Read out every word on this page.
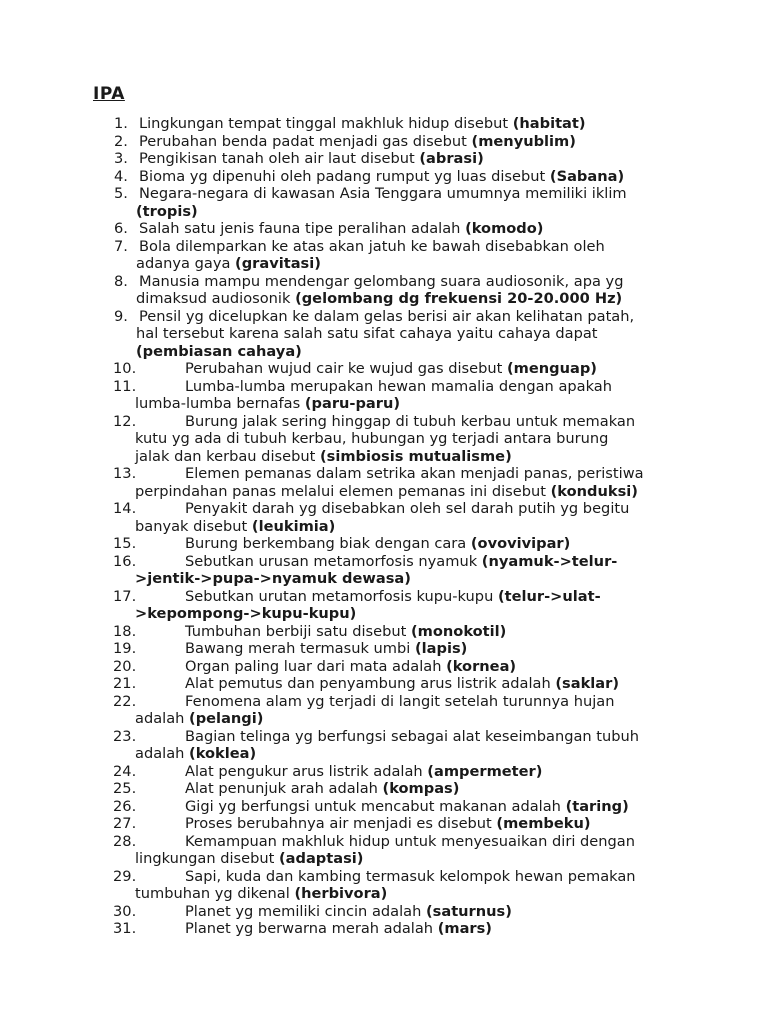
IPA
1. Lingkungan tempat tinggal makhluk hidup disebut (habitat)
2. Perubahan benda padat menjadi gas disebut (menyublim)
3. Pengikisan tanah oleh air laut disebut (abrasi)
4. Bioma yg dipenuhi oleh padang rumput yg luas disebut (Sabana)
5. Negara-negara di kawasan Asia Tenggara umumnya memiliki iklim
(tropis)
6. Salah satu jenis fauna tipe peralihan adalah (komodo)
7. Bola dilemparkan ke atas akan jatuh ke bawah disebabkan oleh
adanya gaya (gravitasi)
8. Manusia mampu mendengar gelombang suara audiosonik, apa yg
dimaksud audiosonik (gelombang dg frekuensi 20-20.000 Hz)
9. Pensil yg dicelupkan ke dalam gelas berisi air akan kelihatan patah,
hal tersebut karena salah satu sifat cahaya yaitu cahaya dapat
(pembiasan cahaya)
10.	Perubahan wujud cair ke wujud gas disebut (menguap)
11.	Lumba-lumba merupakan hewan mamalia dengan apakah
lumba-lumba bernafas (paru-paru)
12.	Burung jalak sering hinggap di tubuh kerbau untuk memakan
kutu yg ada di tubuh kerbau, hubungan yg terjadi antara burung
jalak dan kerbau disebut (simbiosis mutualisme)
13.	Elemen pemanas dalam setrika akan menjadi panas, peristiwa
perpindahan panas melalui elemen pemanas ini disebut (konduksi)
14.	Penyakit darah yg disebabkan oleh sel darah putih yg begitu
banyak disebut (leukimia)
15.	Burung berkembang biak dengan cara (ovovivipar)
16.	Sebutkan urusan metamorfosis nyamuk (nyamuk->telur-
>jentik->pupa->nyamuk dewasa)
17.	Sebutkan urutan metamorfosis kupu-kupu (telur->ulat-
>kepompong->kupu-kupu)
18.	Tumbuhan berbiji satu disebut (monokotil)
19.	Bawang merah termasuk umbi (lapis)
20.	Organ paling luar dari mata adalah (kornea)
21.	Alat pemutus dan penyambung arus listrik adalah (saklar)
22.	Fenomena alam yg terjadi di langit setelah turunnya hujan
adalah (pelangi)
23.	Bagian telinga yg berfungsi sebagai alat keseimbangan tubuh
adalah (koklea)
24.	Alat pengukur arus listrik adalah (ampermeter)
25.	Alat penunjuk arah adalah (kompas)
26.	Gigi yg berfungsi untuk mencabut makanan adalah (taring)
27.	Proses berubahnya air menjadi es disebut (membeku)
28.	Kemampuan makhluk hidup untuk menyesuaikan diri dengan
lingkungan disebut (adaptasi)
29.	Sapi, kuda dan kambing termasuk kelompok hewan pemakan
tumbuhan yg dikenal (herbivora)
30.	Planet yg memiliki cincin adalah (saturnus)
31.	Planet yg berwarna merah adalah (mars)
